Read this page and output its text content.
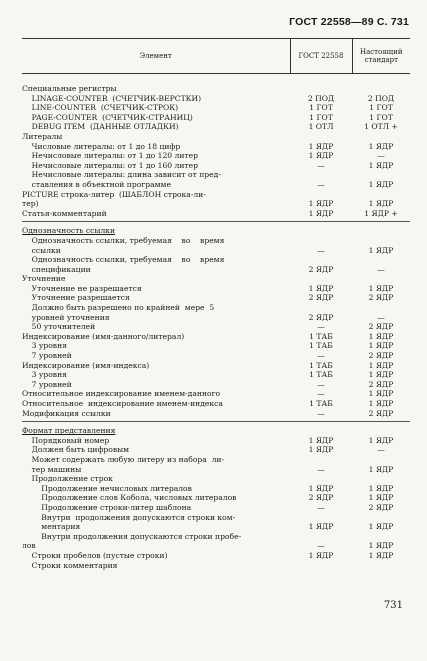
ГОСТ 22558—89 С. 731
Элемент	ГОСТ 22558	Настоящий стандарт
Специальные регистры		
LINAGE-COUNTER  (СЧЕТЧИК-ВЕРСТКИ)	2 ПОД	2 ПОД
LINE-COUNTER  (СЧЕТЧИК-СТРОК)	1 ГОТ	1 ГОТ
PAGE-COUNTER  (СЧЕТЧИК-СТРАНИЦ)	1 ГОТ	1 ГОТ
DEBUG ITEM  (ДАННЫЕ ОТЛАДКИ)	1 ОТЛ	1 ОТЛ +
Литералы		
Числовые литералы: от 1 до 18 цифр	1 ЯДР	1 ЯДР
Нечисловые литералы: от 1 до 120 литер	1 ЯДР	—
Нечисловые литералы: от 1 до 160 литер	—	1 ЯДР
Нечисловые литералы: длина зависит от пред-		
ставления в объектной программе	—	1 ЯДР
PICTURE строка-литер  (ШАБЛОН строка-ли-		
тер)	1 ЯДР	1 ЯДР
Статья-комментарий	1 ЯДР	1 ЯДР +

Однозначность ссылки		
Однозначность ссылки, требуемая    во    время		
ссылки	—	1 ЯДР
Однозначность ссылки, требуемая    во    время		
спецификации	2 ЯДР	—
Уточнение		
Уточнение не разрешается	1 ЯДР	1 ЯДР
Уточнение разрешается	2 ЯДР	2 ЯДР
Должно быть разрешено по крайней  мере  5		
уровней уточнения	2 ЯДР	—
50 уточнителей	—	2 ЯДР
Индексирование (имя-данного/литерал)	1 ТАБ	1 ЯДР
3 уровня	1 ТАБ	1 ЯДР
7 уровней	—	2 ЯДР
Индексирование (имя-индекса)	1 ТАБ	1 ЯДР
3 уровня	1 ТАБ	1 ЯДР
7 уровней	—	2 ЯДР
Относительное индексирование именем-данного	—	1 ЯДР
Относительное  индексирование именем-индекса	1 ТАБ	1 ЯДР
Модификация ссылки	—	2 ЯДР

Формат представления		
Порядковый номер	1 ЯДР	1 ЯДР
Должен быть цифровым	1 ЯДР	—
Может содержать любую литеру из набора  ли-		
тер машины	—	1 ЯДР
Продолжение строк		
Продолжение нечисловых литералов	1 ЯДР	1 ЯДР
Продолжение слов Кобола, числовых литералов	2 ЯДР	1 ЯДР
Продолжение строки-литер шаблона	—	2 ЯДР
Внутри  продолжения допускаются строки ком-		
ментария	1 ЯДР	1 ЯДР
Внутри продолжения допускаются строки пробе-		
лов	—	1 ЯДР
Строки пробелов (пустые строки)	1 ЯДР	1 ЯДР
Строки комментария		
731
